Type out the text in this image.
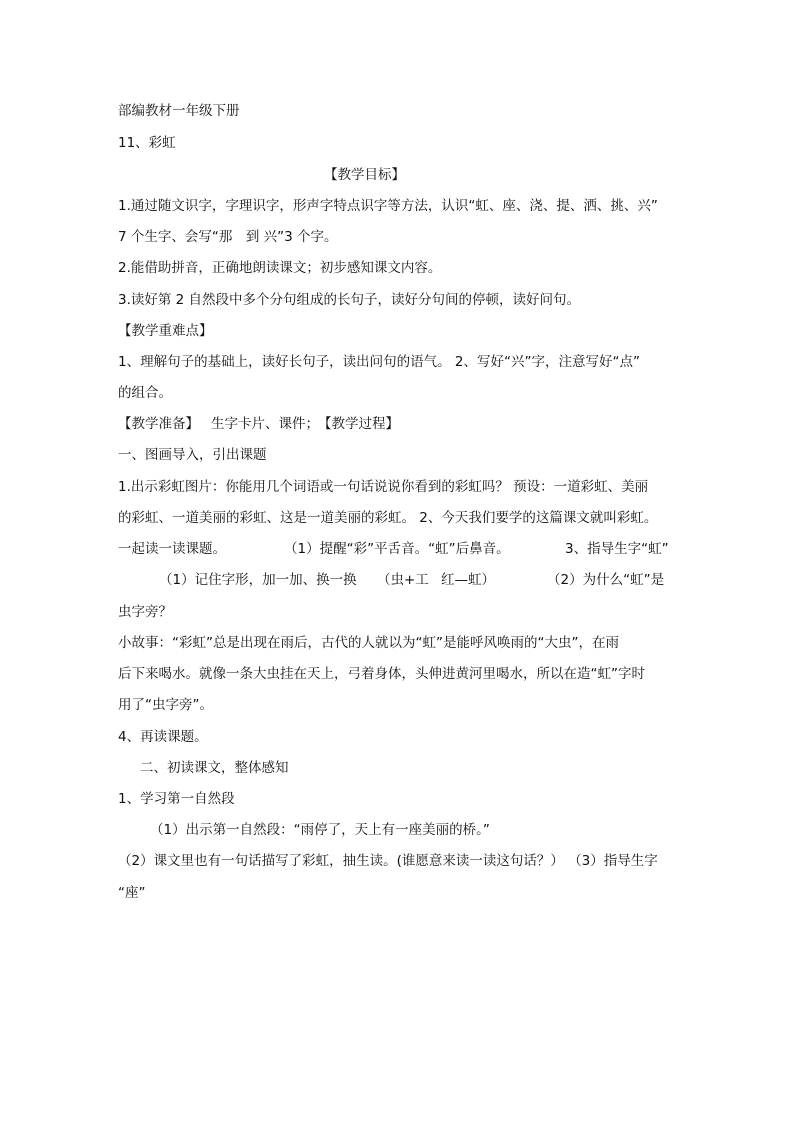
部编教材一年级下册
11、彩虹
【教学目标】
1.通过随文识字，字理识字，形声字特点识字等方法，认识“虹、座、浇、提、洒、挑、兴”
7 个生字、会写“那　到 兴”3 个字。
2.能借助拼音，正确地朗读课文；初步感知课文内容。
3.读好第 2 自然段中多个分句组成的长句子，读好分句间的停顿，读好问句。
【教学重难点】
1、理解句子的基础上，读好长句子，读出问句的语气。 2、写好“兴”字，注意写好“点”
的组合。
【教学准备】 生字卡片、课件； 【教学过程】
一、图画导入，引出课题
1.出示彩虹图片：你能用几个词语或一句话说说你看到的彩虹吗？ 预设：一道彩虹、美丽
的彩虹、一道美丽的彩虹、这是一道美丽的彩虹。 2、今天我们要学的这篇课文就叫彩虹。
一起读一读课题。	（1）提醒“彩”平舌音。“虹”后鼻音。	3、指导生字“虹”
（1）记住字形，加一加、换一换 （虫+工 红—虹）	（2）为什么“虹”是
虫字旁？
小故事：“彩虹”总是出现在雨后，古代的人就以为“虹”是能呼风唤雨的“大虫”，在雨
后下来喝水。就像一条大虫挂在天上，弓着身体，头伸进黄河里喝水，所以在造“虹”字时
用了“虫字旁”。
4、再读课题。
二、初读课文，整体感知
1、学习第一自然段
（1）出示第一自然段：“雨停了，天上有一座美丽的桥。”
（2）课文里也有一句话描写了彩虹，抽生读。(谁愿意来读一读这句话？） （3）指导生字
“座”
